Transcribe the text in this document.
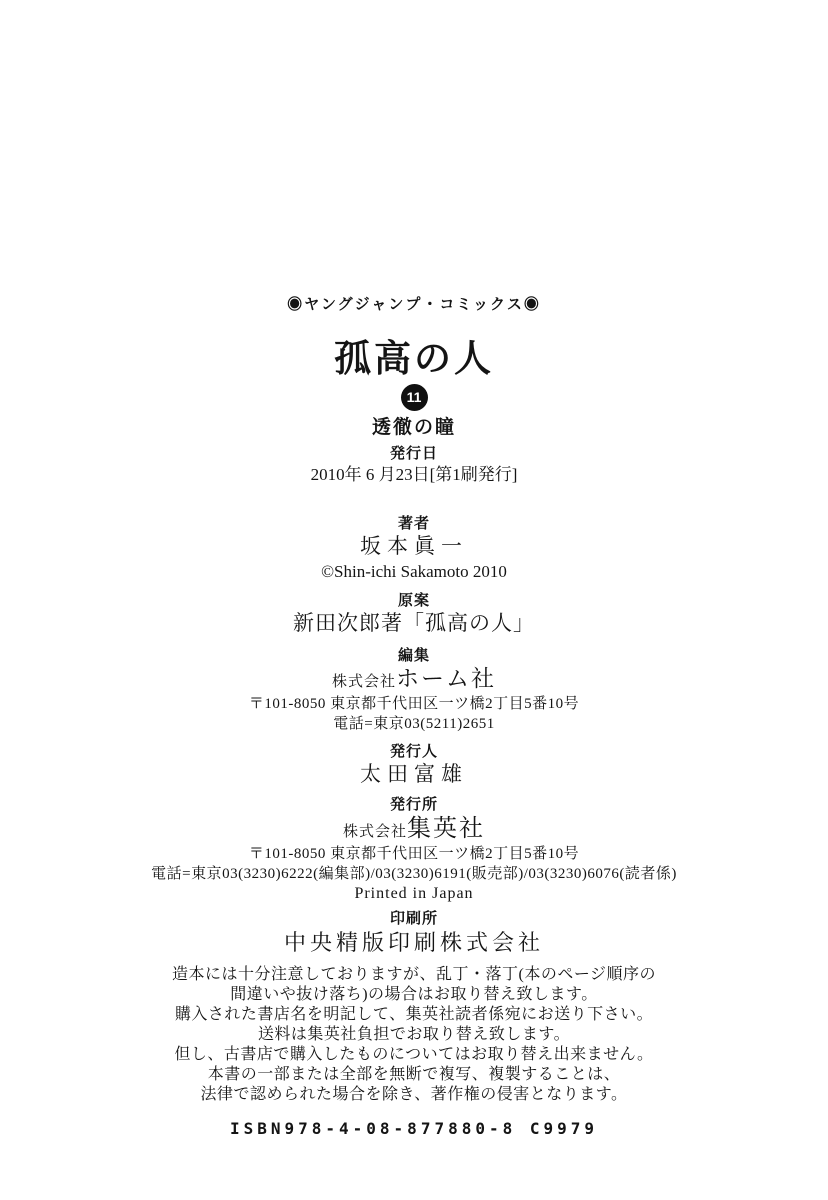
◉ヤングジャンプ・コミックス◉
孤高の人
11
透徹の瞳
発行日
2010年 6 月23日[第1刷発行]
著者
坂本眞一
©Shin-ichi Sakamoto 2010
原案
新田次郎著「孤高の人」
編集
株式会社ホーム社
〒101-8050 東京都千代田区一ツ橋2丁目5番10号
電話=東京03(5211)2651
発行人
太田富雄
発行所
株式会社集英社
〒101-8050 東京都千代田区一ツ橋2丁目5番10号
電話=東京03(3230)6222(編集部)/03(3230)6191(販売部)/03(3230)6076(読者係)
Printed in Japan
印刷所
中央精版印刷株式会社
造本には十分注意しておりますが、乱丁・落丁(本のページ順序の
間違いや抜け落ち)の場合はお取り替え致します。
購入された書店名を明記して、集英社読者係宛にお送り下さい。
送料は集英社負担でお取り替え致します。
但し、古書店で購入したものについてはお取り替え出来ません。
本書の一部または全部を無断で複写、複製することは、
法律で認められた場合を除き、著作権の侵害となります。
ISBN978-4-08-877880-8 C9979
